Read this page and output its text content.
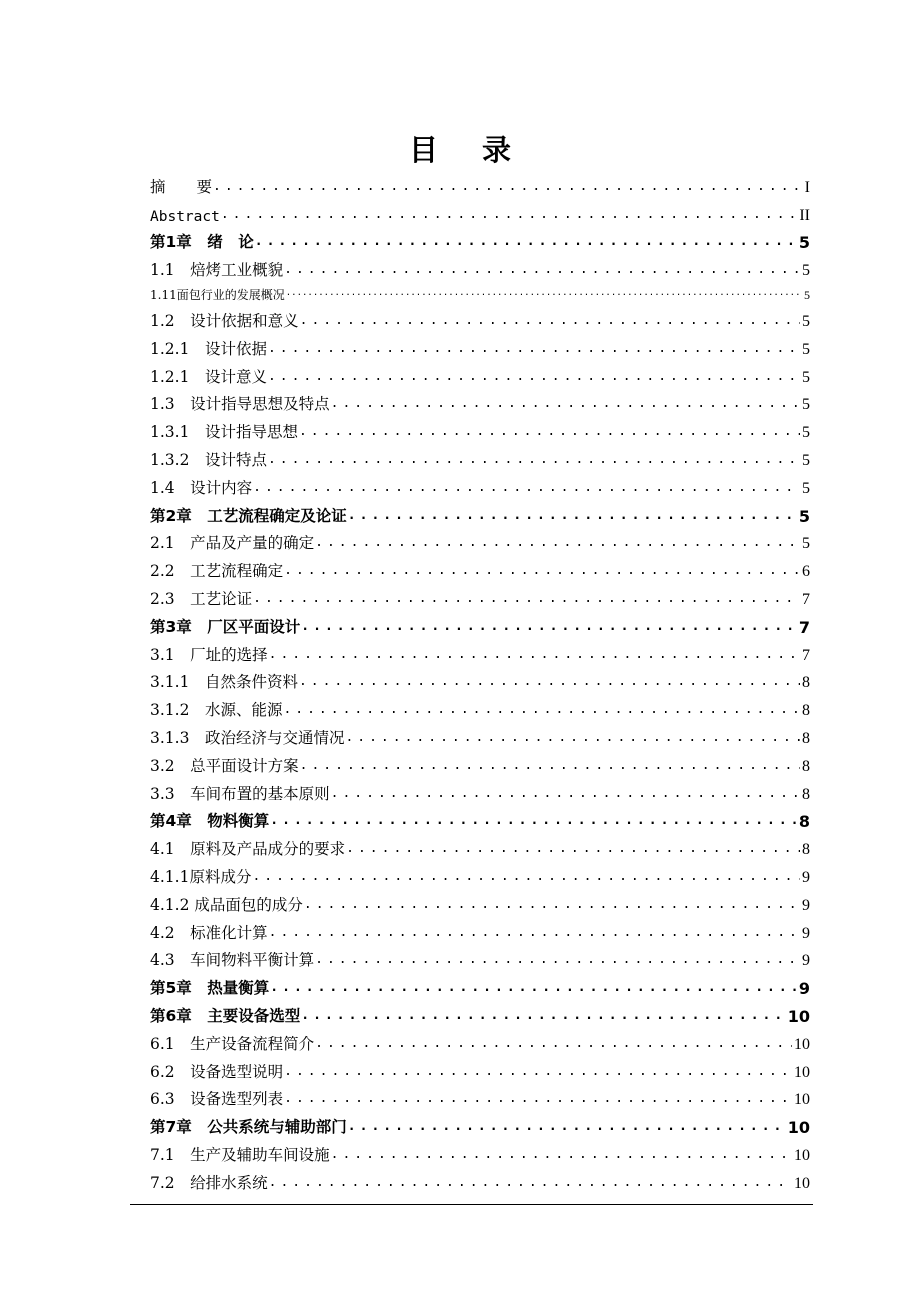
目 录
摘　　要 .....	I
Abstract .....	II
第1章　绪　论 .....	5
1.1　焙烤工业概貌 .....	5
1.11面包行业的发展概况 .....	5
1.2　设计依据和意义 .....	5
1.2.1　设计依据 .....	5
1.2.1　设计意义 .....	5
1.3　设计指导思想及特点 .....	5
1.3.1　设计指导思想 .....	5
1.3.2　设计特点 .....	5
1.4　设计内容 .....	5
第2章　工艺流程确定及论证 .....	5
2.1　产品及产量的确定 .....	5
2.2　工艺流程确定 .....	6
2.3　工艺论证 .....	7
第3章　厂区平面设计 .....	7
3.1　厂址的选择 .....	7
3.1.1　自然条件资料 .....	8
3.1.2　水源、能源 .....	8
3.1.3　政治经济与交通情况 .....	8
3.2　总平面设计方案 .....	8
3.3　车间布置的基本原则 .....	8
第4章　物料衡算 .....	8
4.1　原料及产品成分的要求 .....	8
4.1.1原料成分 .....	9
4.1.2 成品面包的成分 .....	9
4.2　标准化计算 .....	9
4.3　车间物料平衡计算 .....	9
第5章　热量衡算 .....	9
第6章　主要设备选型 .....	10
6.1　生产设备流程简介 .....	10
6.2　设备选型说明 .....	10
6.3　设备选型列表 .....	10
第7章　公共系统与辅助部门 .....	10
7.1　生产及辅助车间设施 .....	10
7.2　给排水系统 .....	10
